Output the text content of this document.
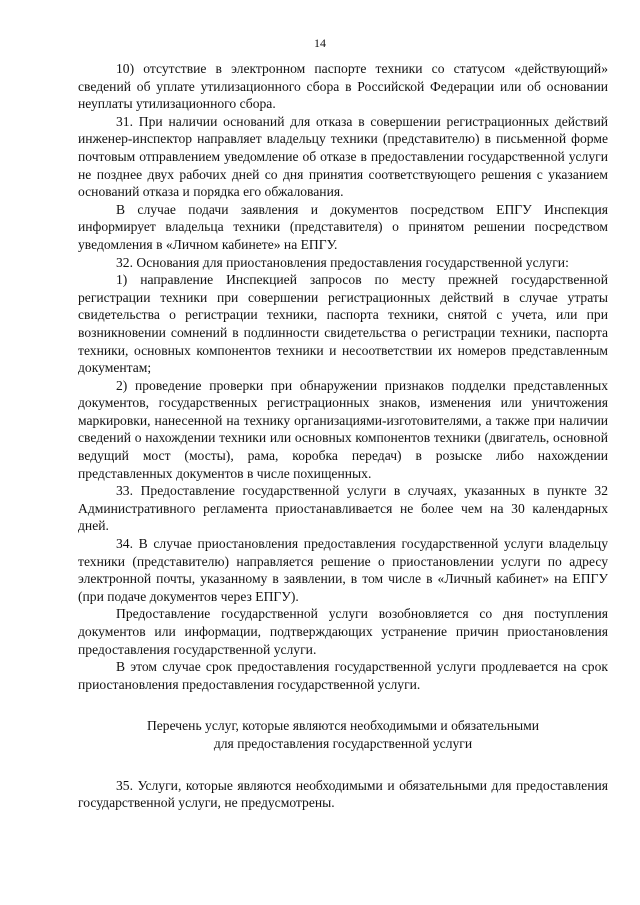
14

10) отсутствие в электронном паспорте техники со статусом «действующий» сведений об уплате утилизационного сбора в Российской Федерации или об основании неуплаты утилизационного сбора.

31. При наличии оснований для отказа в совершении регистрационных действий инженер-инспектор направляет владельцу техники (представителю) в письменной форме почтовым отправлением уведомление об отказе в предоставлении государственной услуги не позднее двух рабочих дней со дня принятия соответствующего решения с указанием оснований отказа и порядка его обжалования.

В случае подачи заявления и документов посредством ЕПГУ Инспекция информирует владельца техники (представителя) о принятом решении посредством уведомления в «Личном кабинете» на ЕПГУ.

32. Основания для приостановления предоставления государственной услуги:

1) направление Инспекцией запросов по месту прежней государственной регистрации техники при совершении регистрационных действий в случае утраты свидетельства о регистрации техники, паспорта техники, снятой с учета, или при возникновении сомнений в подлинности свидетельства о регистрации техники, паспорта техники, основных компонентов техники и несоответствии их номеров представленным документам;

2) проведение проверки при обнаружении признаков подделки представленных документов, государственных регистрационных знаков, изменения или уничтожения маркировки, нанесенной на технику организациями-изготовителями, а также при наличии сведений о нахождении техники или основных компонентов техники (двигатель, основной ведущий мост (мосты), рама, коробка передач) в розыске либо нахождении представленных документов в числе похищенных.

33. Предоставление государственной услуги в случаях, указанных в пункте 32 Административного регламента приостанавливается не более чем на 30 календарных дней.

34. В случае приостановления предоставления государственной услуги владельцу техники (представителю) направляется решение о приостановлении услуги по адресу электронной почты, указанному в заявлении, в том числе в «Личный кабинет» на ЕПГУ (при подаче документов через ЕПГУ).

Предоставление государственной услуги возобновляется со дня поступления документов или информации, подтверждающих устранение причин приостановления предоставления государственной услуги.

В этом случае срок предоставления государственной услуги продлевается на срок приостановления предоставления государственной услуги.

Перечень услуг, которые являются необходимыми и обязательными
для предоставления государственной услуги

35. Услуги, которые являются необходимыми и обязательными для предоставления государственной услуги, не предусмотрены.
